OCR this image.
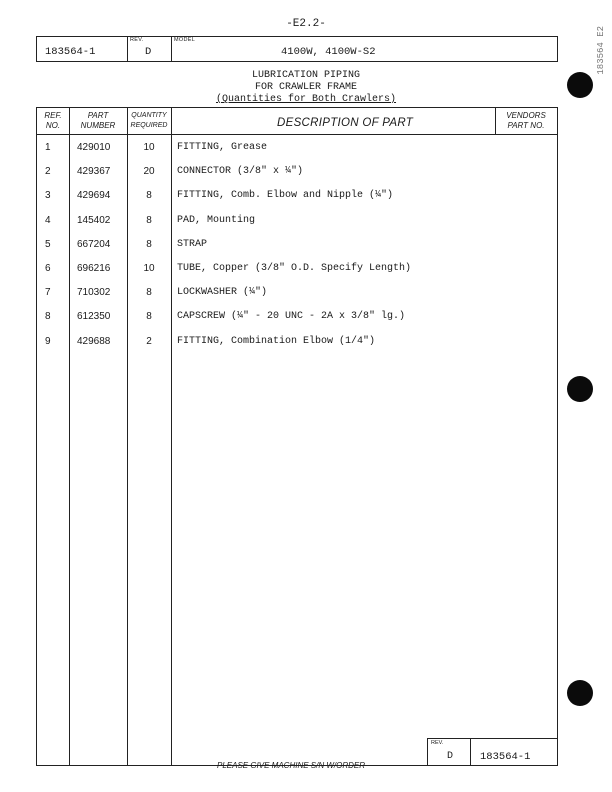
-E2.2-
183564 E2
183564-1
REV.
D
MODEL
4100W, 4100W-S2
LUBRICATION PIPING
FOR CRAWLER FRAME
(Quantities for Both Crawlers)
REF.
NO.
PART
NUMBER
QUANTITY
REQUIRED	DESCRIPTION OF PART
VENDORS
PART NO.
1	429010	10	FITTING, Grease
2	429367	20	CONNECTOR (3/8" x ¼")
3	429694	8	FITTING, Comb. Elbow and Nipple (¼")
4	145402	8	PAD, Mounting
5	667204	8	STRAP
6	696216	10	TUBE, Copper (3/8" O.D. Specify Length)
7	710302	8	LOCKWASHER (¼")
8	612350	8	CAPSCREW (¼" - 20 UNC - 2A x 3/8" lg.)
9	429688	2	FITTING, Combination Elbow (1/4")
REV.
D	183564-1
PLEASE GIVE MACHINE S/N W/ORDER
